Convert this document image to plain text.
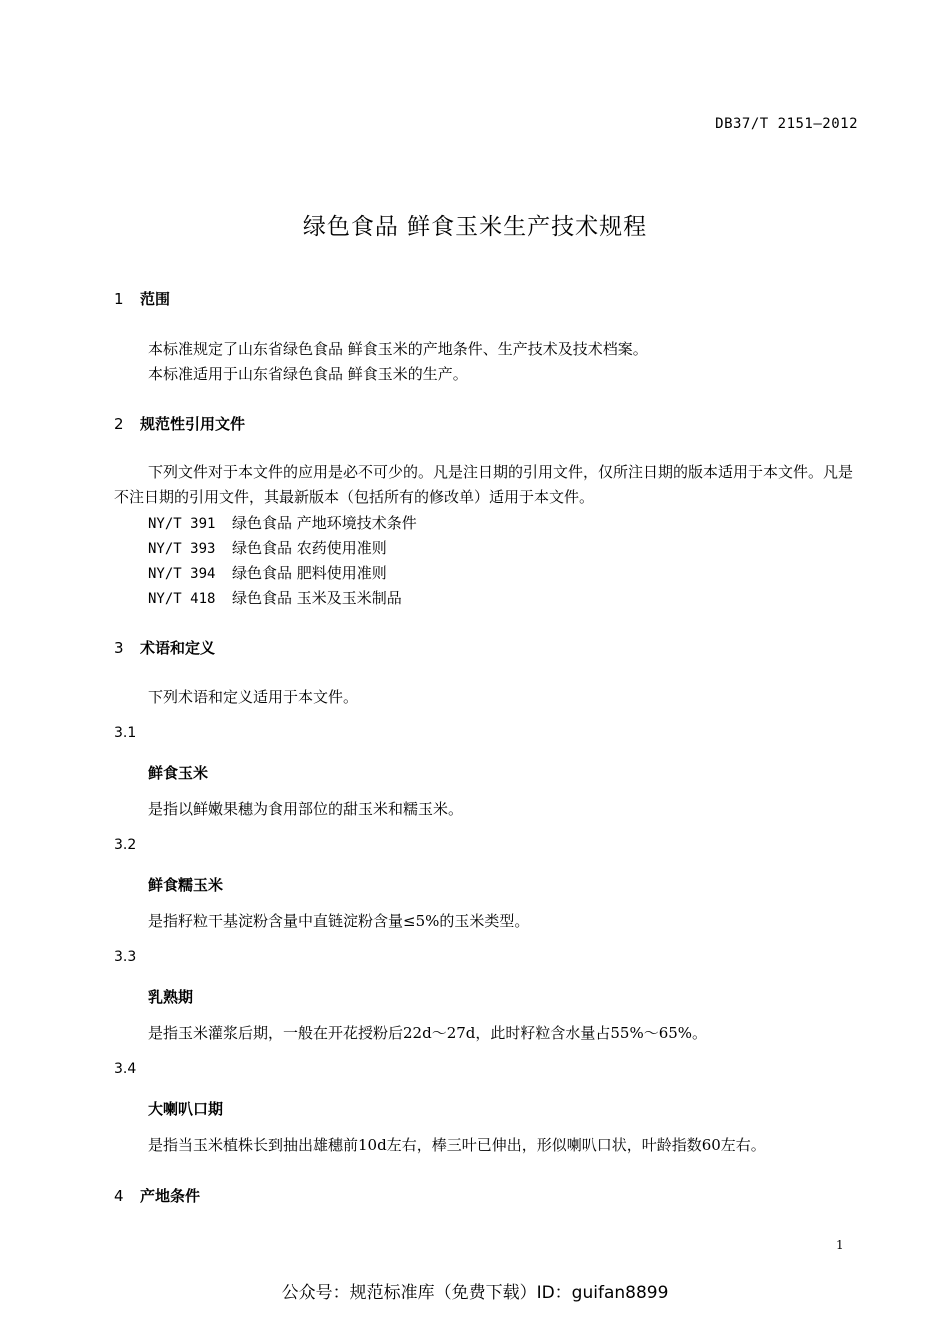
DB37/T 2151—2012
绿色食品 鲜食玉米生产技术规程
1 范围
本标准规定了山东省绿色食品 鲜食玉米的产地条件、生产技术及技术档案。
本标准适用于山东省绿色食品 鲜食玉米的生产。
2 规范性引用文件
下列文件对于本文件的应用是必不可少的。凡是注日期的引用文件，仅所注日期的版本适用于本文件。凡是不注日期的引用文件，其最新版本（包括所有的修改单）适用于本文件。
NY/T 391 绿色食品 产地环境技术条件
NY/T 393 绿色食品 农药使用准则
NY/T 394 绿色食品 肥料使用准则
NY/T 418 绿色食品 玉米及玉米制品
3 术语和定义
下列术语和定义适用于本文件。
3.1
鲜食玉米
是指以鲜嫩果穗为食用部位的甜玉米和糯玉米。
3.2
鲜食糯玉米
是指籽粒干基淀粉含量中直链淀粉含量≤5%的玉米类型。
3.3
乳熟期
是指玉米灌浆后期，一般在开花授粉后22d～27d，此时籽粒含水量占55%～65%。
3.4
大喇叭口期
是指当玉米植株长到抽出雄穗前10d左右，棒三叶已伸出，形似喇叭口状，叶龄指数60左右。
4 产地条件
1
公众号：规范标准库（免费下载）ID：guifan8899
